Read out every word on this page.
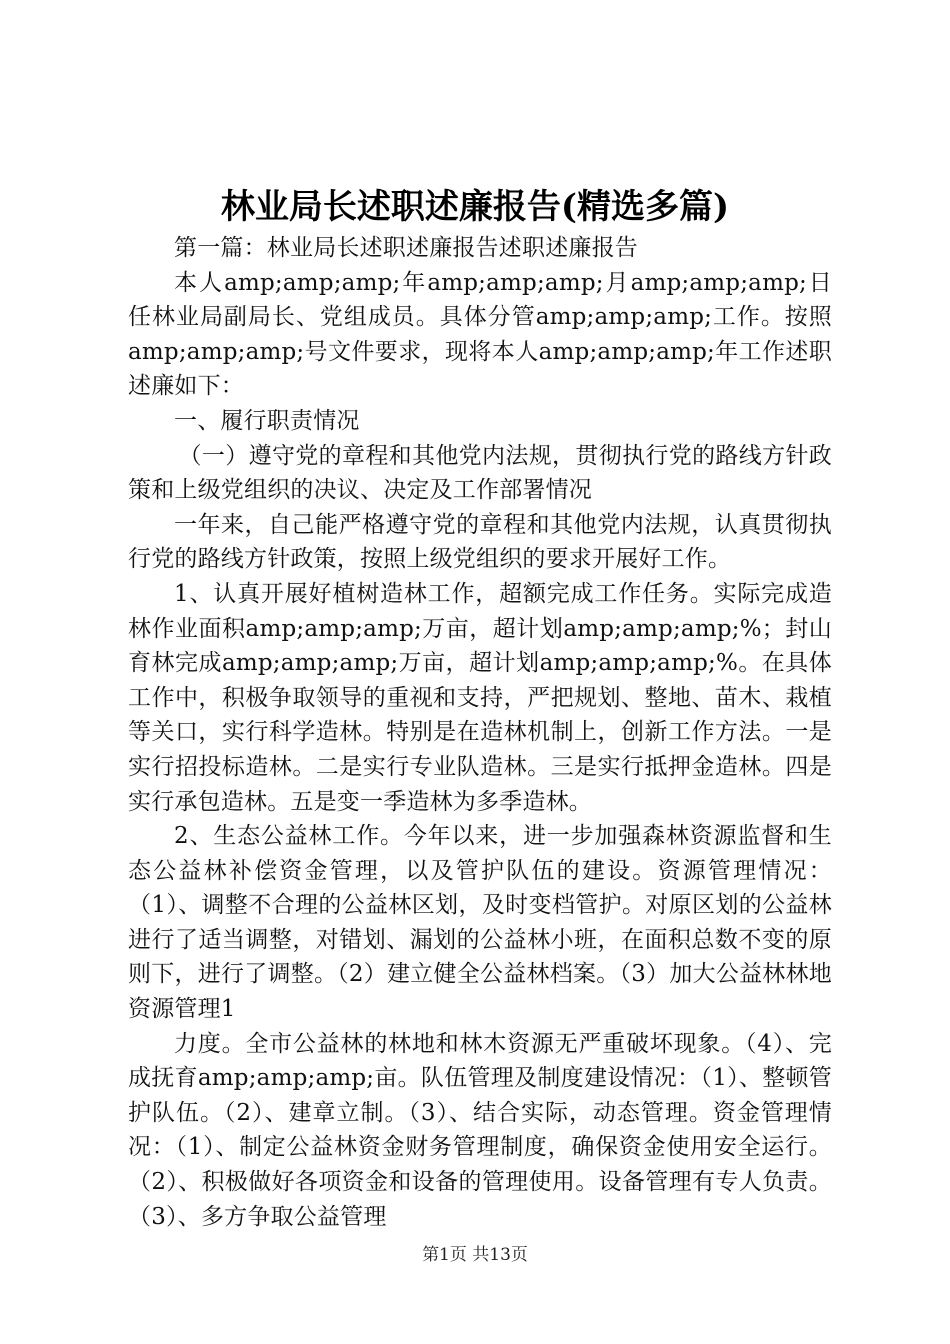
林业局长述职述廉报告(精选多篇)

第一篇：林业局长述职述廉报告述职述廉报告

本人amp;amp;amp;年amp;amp;amp;月amp;amp;amp;日任林业局副局长、党组成员。具体分管amp;amp;amp;工作。按照amp;amp;amp;号文件要求，现将本人amp;amp;amp;年工作述职述廉如下：

一、履行职责情况

（一）遵守党的章程和其他党内法规，贯彻执行党的路线方针政策和上级党组织的决议、决定及工作部署情况

一年来，自己能严格遵守党的章程和其他党内法规，认真贯彻执行党的路线方针政策，按照上级党组织的要求开展好工作。

1、认真开展好植树造林工作，超额完成工作任务。实际完成造林作业面积amp;amp;amp;万亩，超计划amp;amp;amp;%；封山育林完成amp;amp;amp;万亩，超计划amp;amp;amp;%。在具体工作中，积极争取领导的重视和支持，严把规划、整地、苗木、栽植等关口，实行科学造林。特别是在造林机制上，创新工作方法。一是实行招投标造林。二是实行专业队造林。三是实行抵押金造林。四是实行承包造林。五是变一季造林为多季造林。

2、生态公益林工作。今年以来，进一步加强森林资源监督和生态公益林补偿资金管理，以及管护队伍的建设。资源管理情况：（1）、调整不合理的公益林区划，及时变档管护。对原区划的公益林进行了适当调整，对错划、漏划的公益林小班，在面积总数不变的原则下，进行了调整。（2）建立健全公益林档案。（3）加大公益林林地资源管理1

力度。全市公益林的林地和林木资源无严重破坏现象。（4）、完成抚育amp;amp;amp;亩。队伍管理及制度建设情况：（1）、整顿管护队伍。（2）、建章立制。（3）、结合实际，动态管理。资金管理情况：（1）、制定公益林资金财务管理制度，确保资金使用安全运行。（2）、积极做好各项资金和设备的管理使用。设备管理有专人负责。（3）、多方争取公益管理

第1页 共13页
